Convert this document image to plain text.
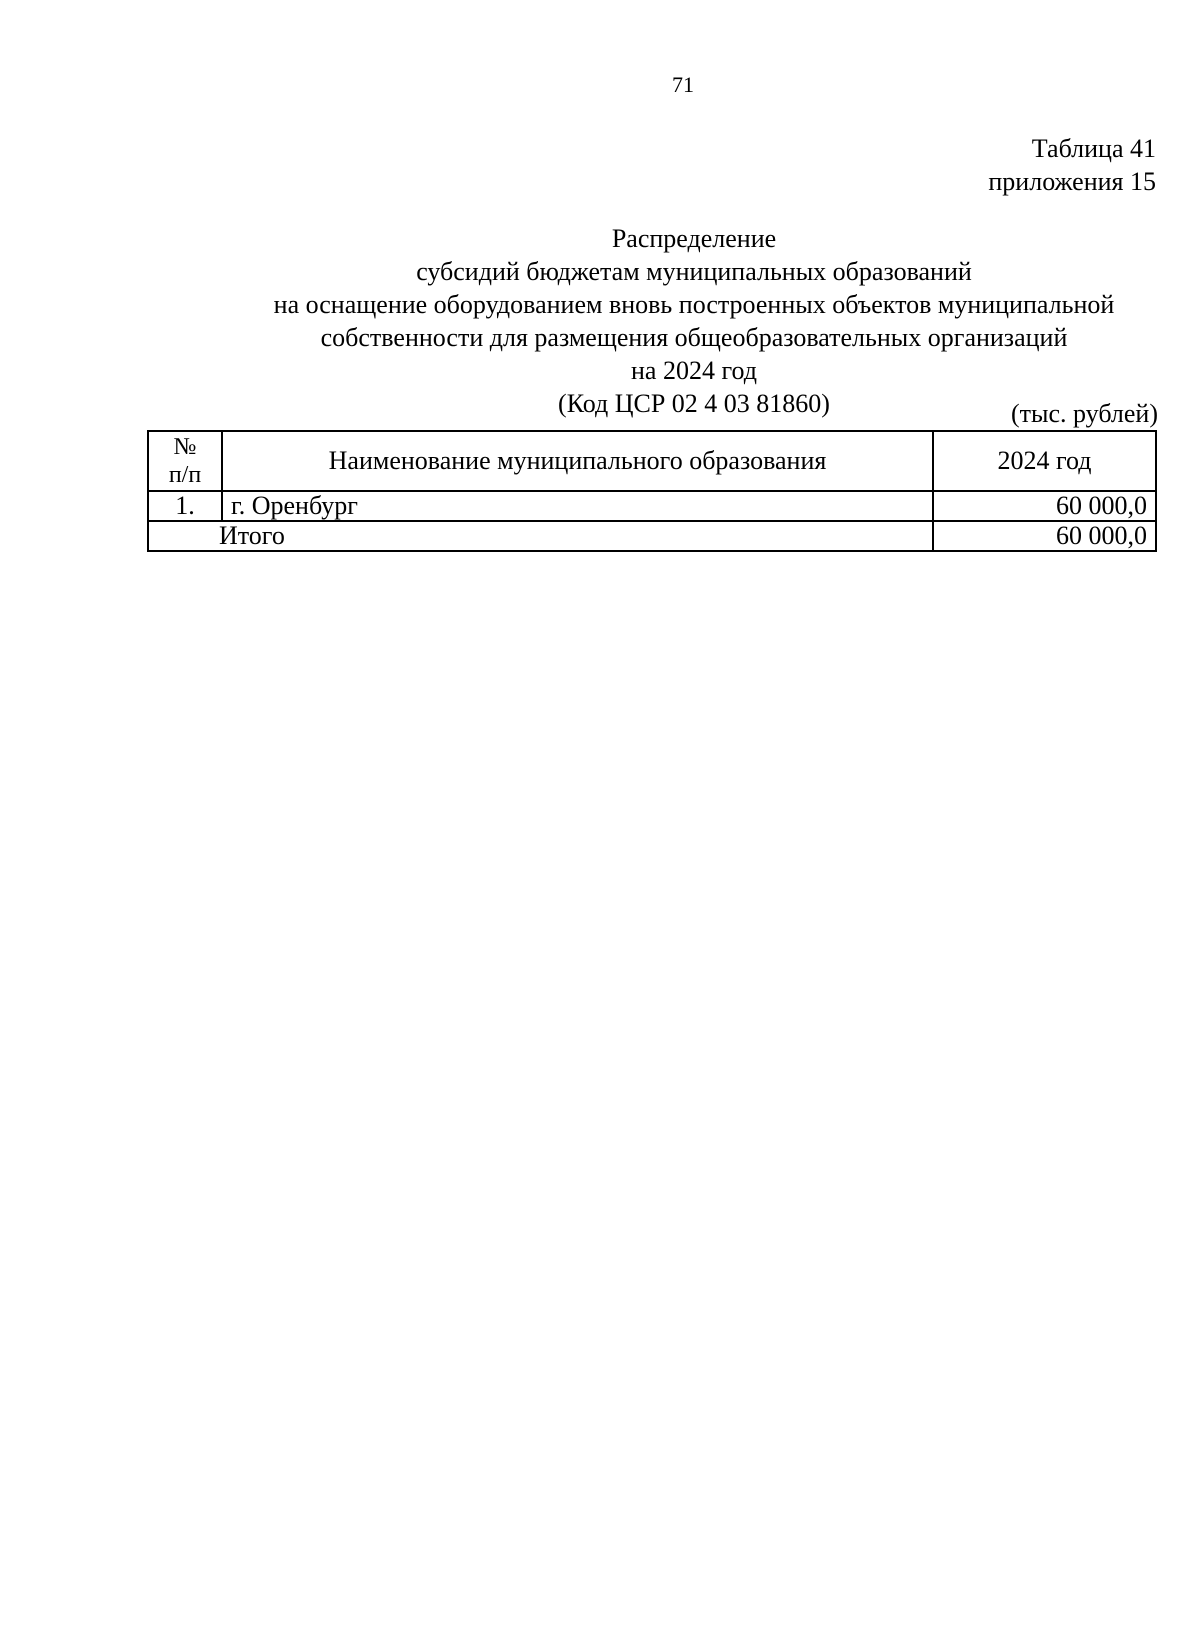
71
Таблица 41
приложения 15
Распределение
субсидий бюджетам муниципальных образований
на оснащение оборудованием вновь построенных объектов муниципальной
собственности для размещения общеобразовательных организаций
на 2024 год
(Код ЦСР 02 4 03 81860)	(тыс. рублей)
№
п/п	Наименование муниципального образования	2024 год
1.	г. Оренбург	60 000,0
Итого		60 000,0
